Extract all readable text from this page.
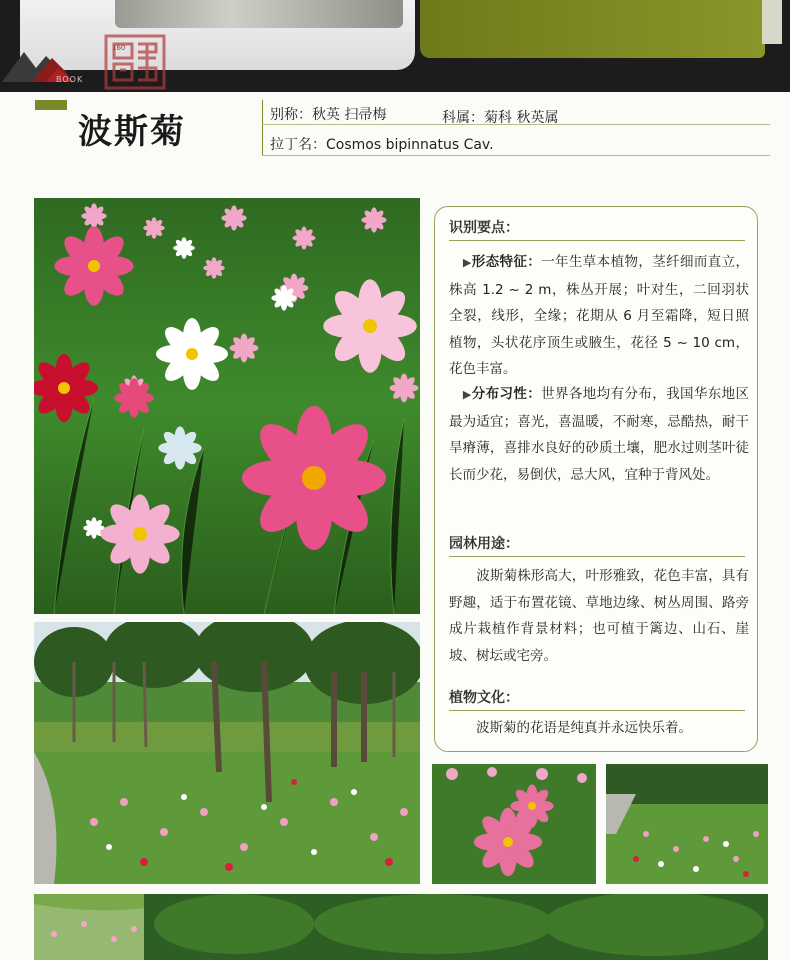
160
BOOK
波斯菊	别称：秋英 扫帚梅	科属：菊科 秋英属
拉丁名：Cosmos bipinnatus Cav.
识别要点：
　▶形态特征：一年生草本植物，茎纤细而直立，株高 1.2 ~ 2 m，株丛开展；叶对生，二回羽状全裂，线形，全缘；花期从 6 月至霜降，短日照植物，头状花序顶生或腋生，花径 5 ~ 10 cm，花色丰富。
　▶分布习性：世界各地均有分布，我国华东地区最为适宜；喜光，喜温暖，不耐寒，忌酷热，耐干旱瘠薄，喜排水良好的砂质土壤，肥水过则茎叶徒长而少花，易倒伏，忌大风，宜种于背风处。
园林用途：
　　波斯菊株形高大，叶形雅致，花色丰富，具有野趣，适于布置花镜、草地边缘、树丛周围、路旁成片栽植作背景材料；也可植于篱边、山石、崖坡、树坛或宅旁。
植物文化：
　　波斯菊的花语是纯真并永远快乐着。
